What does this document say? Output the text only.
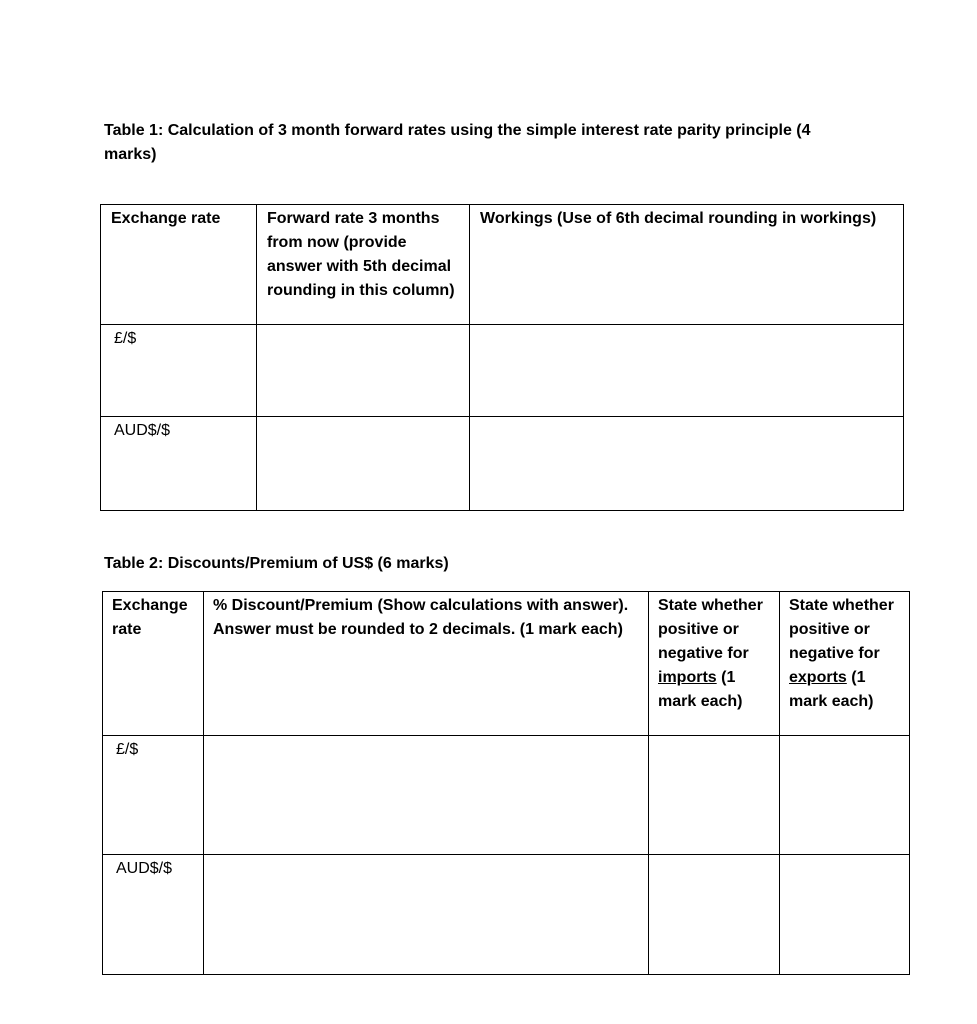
Table 1: Calculation of 3 month forward rates using the simple interest rate parity principle (4 marks)

Exchange rate	Forward rate 3 months from now (provide answer with 5th decimal rounding in this column)	Workings (Use of 6th decimal rounding in workings)
£/$		
AUD$/$		

Table 2: Discounts/Premium of US$ (6 marks)

Exchange rate	% Discount/Premium (Show calculations with answer). Answer must be rounded to 2 decimals. (1 mark each)	State whether positive or negative for imports (1 mark each)	State whether positive or negative for exports (1 mark each)
£/$			
AUD$/$			
